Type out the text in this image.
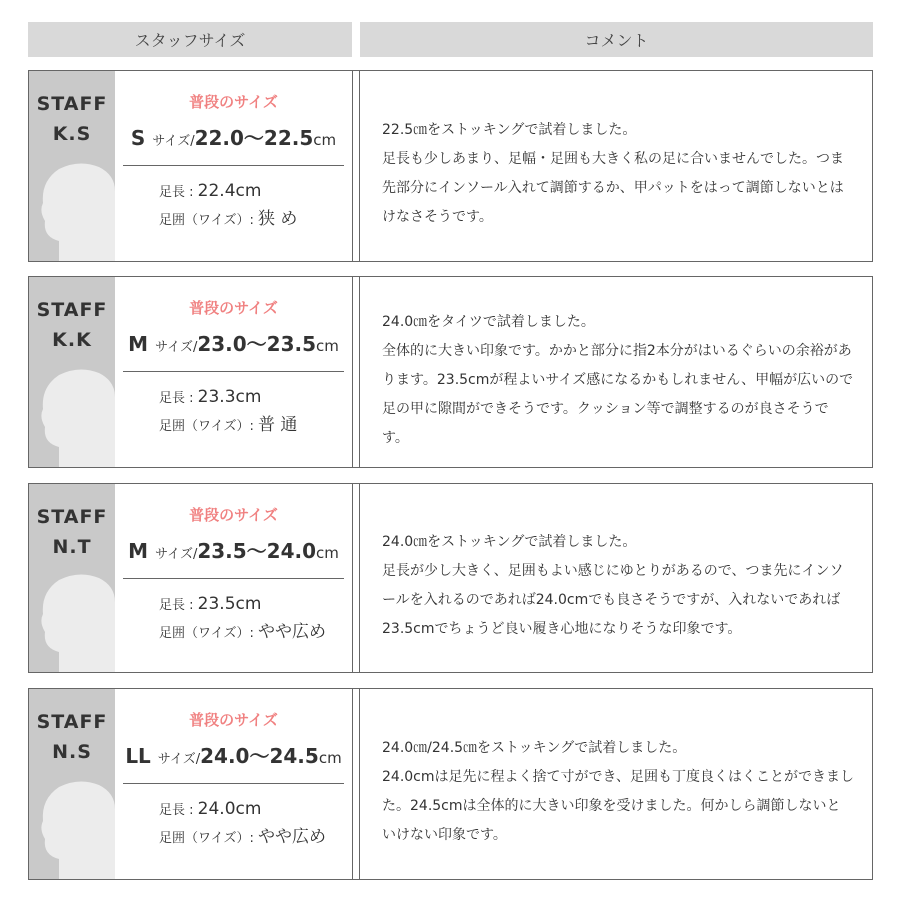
スタッフサイズ	コメント
STAFF
K.S
普段のサイズ
S サイズ/22.0〜22.5cm
足長 : 22.4cm
足囲（ワイズ）: 狭 め
22.5㎝をストッキングで試着しました。
足長も少しあまり、足幅・足囲も大きく私の足に合いませんでした。つま先部分にインソール入れて調節するか、甲パットをはって調節しないとはけなさそうです。
STAFF
K.K
普段のサイズ
M サイズ/23.0〜23.5cm
足長 : 23.3cm
足囲（ワイズ）: 普 通
24.0㎝をタイツで試着しました。
全体的に大きい印象です。かかと部分に指2本分がはいるぐらいの余裕があります。23.5cmが程よいサイズ感になるかもしれません、甲幅が広いので足の甲に隙間ができそうです。クッション等で調整するのが良さそうです。
STAFF
N.T
普段のサイズ
M サイズ/23.5〜24.0cm
足長 : 23.5cm
足囲（ワイズ）: やや広め
24.0㎝をストッキングで試着しました。
足長が少し大きく、足囲もよい感じにゆとりがあるので、つま先にインソールを入れるのであれば24.0cmでも良さそうですが、入れないであれば23.5cmでちょうど良い履き心地になりそうな印象です。
STAFF
N.S
普段のサイズ
LL サイズ/24.0〜24.5cm
足長 : 24.0cm
足囲（ワイズ）: やや広め
24.0㎝/24.5㎝をストッキングで試着しました。
24.0cmは足先に程よく捨て寸ができ、足囲も丁度良くはくことができました。24.5cmは全体的に大きい印象を受けました。何かしら調節しないといけない印象です。
